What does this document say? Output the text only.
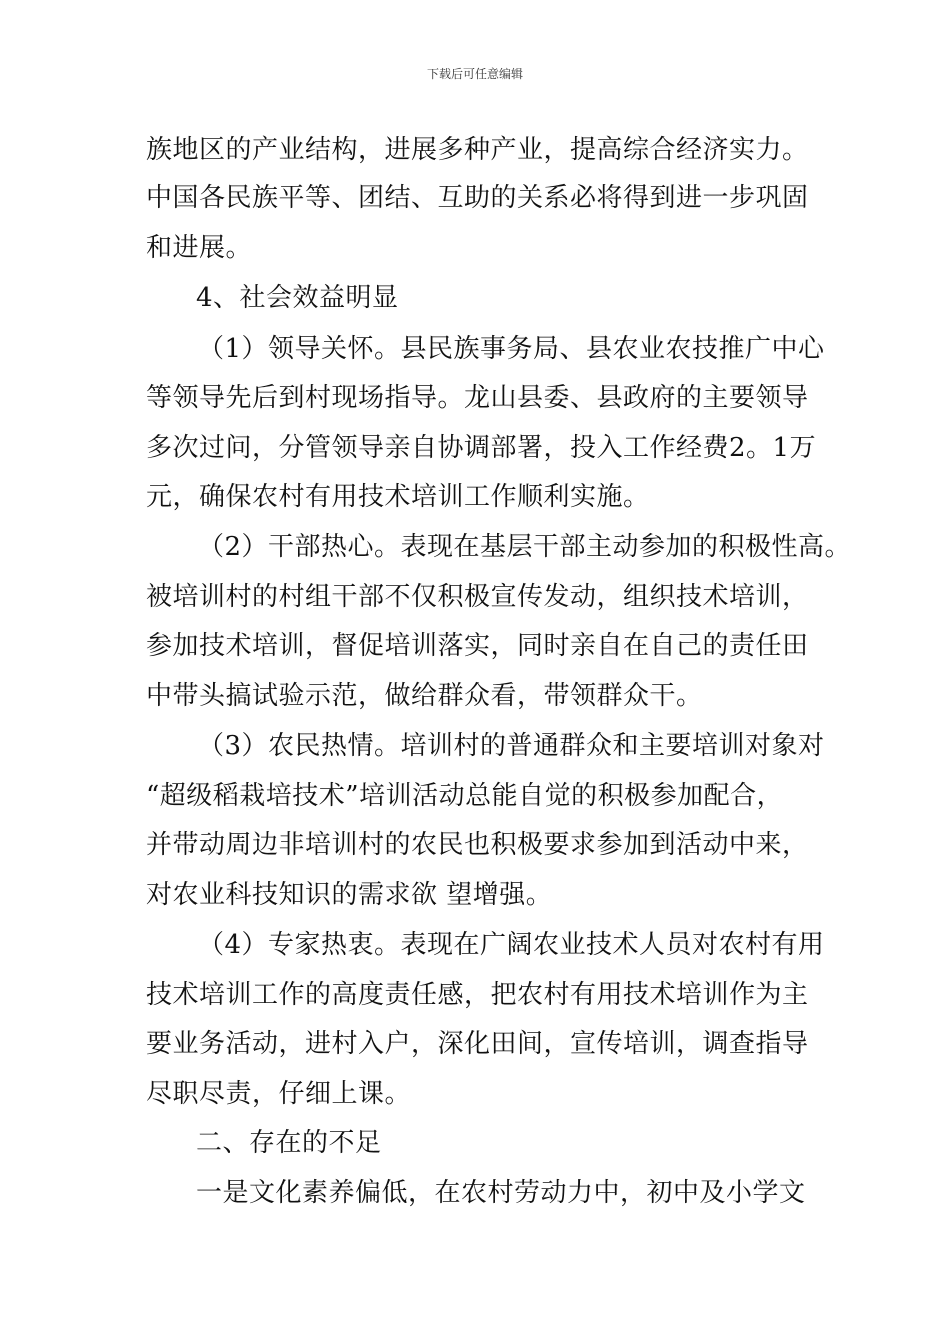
下载后可任意编辑
族地区的产业结构，进展多种产业，提高综合经济实力。
中国各民族平等、团结、互助的关系必将得到进一步巩固
和进展。
4、社会效益明显
（1）领导关怀。县民族事务局、县农业农技推广中心
等领导先后到村现场指导。龙山县委、县政府的主要领导
多次过问，分管领导亲自协调部署，投入工作经费2。1万
元，确保农村有用技术培训工作顺利实施。
（2）干部热心。表现在基层干部主动参加的积极性高。
被培训村的村组干部不仅积极宣传发动，组织技术培训，
参加技术培训，督促培训落实，同时亲自在自己的责任田
中带头搞试验示范，做给群众看，带领群众干。
（3）农民热情。培训村的普通群众和主要培训对象对
“超级稻栽培技术”培训活动总能自觉的积极参加配合，
并带动周边非培训村的农民也积极要求参加到活动中来，
对农业科技知识的需求欲 望增强。
（4）专家热衷。表现在广阔农业技术人员对农村有用
技术培训工作的高度责任感，把农村有用技术培训作为主
要业务活动，进村入户，深化田间，宣传培训，调查指导
尽职尽责，仔细上课。
二、存在的不足
一是文化素养偏低，在农村劳动力中，初中及小学文
